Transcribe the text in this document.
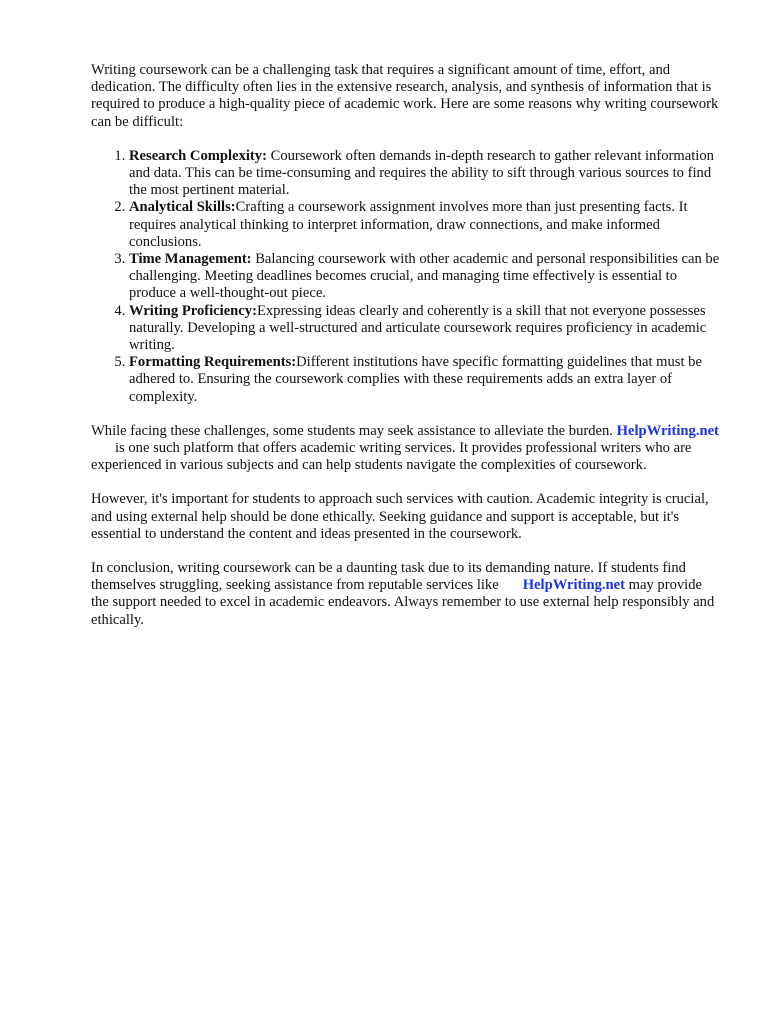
Writing coursework can be a challenging task that requires a significant amount of time, effort, and dedication. The difficulty often lies in the extensive research, analysis, and synthesis of information that is required to produce a high-quality piece of academic work. Here are some reasons why writing coursework can be difficult:

1. Research Complexity: Coursework often demands in-depth research to gather relevant information and data. This can be time-consuming and requires the ability to sift through various sources to find the most pertinent material.
2. Analytical Skills:Crafting a coursework assignment involves more than just presenting facts. It requires analytical thinking to interpret information, draw connections, and make informed conclusions.
3. Time Management: Balancing coursework with other academic and personal responsibilities can be challenging. Meeting deadlines becomes crucial, and managing time effectively is essential to produce a well-thought-out piece.
4. Writing Proficiency:Expressing ideas clearly and coherently is a skill that not everyone possesses naturally. Developing a well-structured and articulate coursework requires proficiency in academic writing.
5. Formatting Requirements:Different institutions have specific formatting guidelines that must be adhered to. Ensuring the coursework complies with these requirements adds an extra layer of complexity.

While facing these challenges, some students may seek assistance to alleviate the burden. HelpWriting.netis one such platform that offers academic writing services. It provides professional writers who are experienced in various subjects and can help students navigate the complexities of coursework.

However, it's important for students to approach such services with caution. Academic integrity is crucial, and using external help should be done ethically. Seeking guidance and support is acceptable, but it's essential to understand the content and ideas presented in the coursework.

In conclusion, writing coursework can be a daunting task due to its demanding nature. If students find themselves struggling, seeking assistance from reputable services like HelpWriting.net may provide the support needed to excel in academic endeavors. Always remember to use external help responsibly and ethically.
